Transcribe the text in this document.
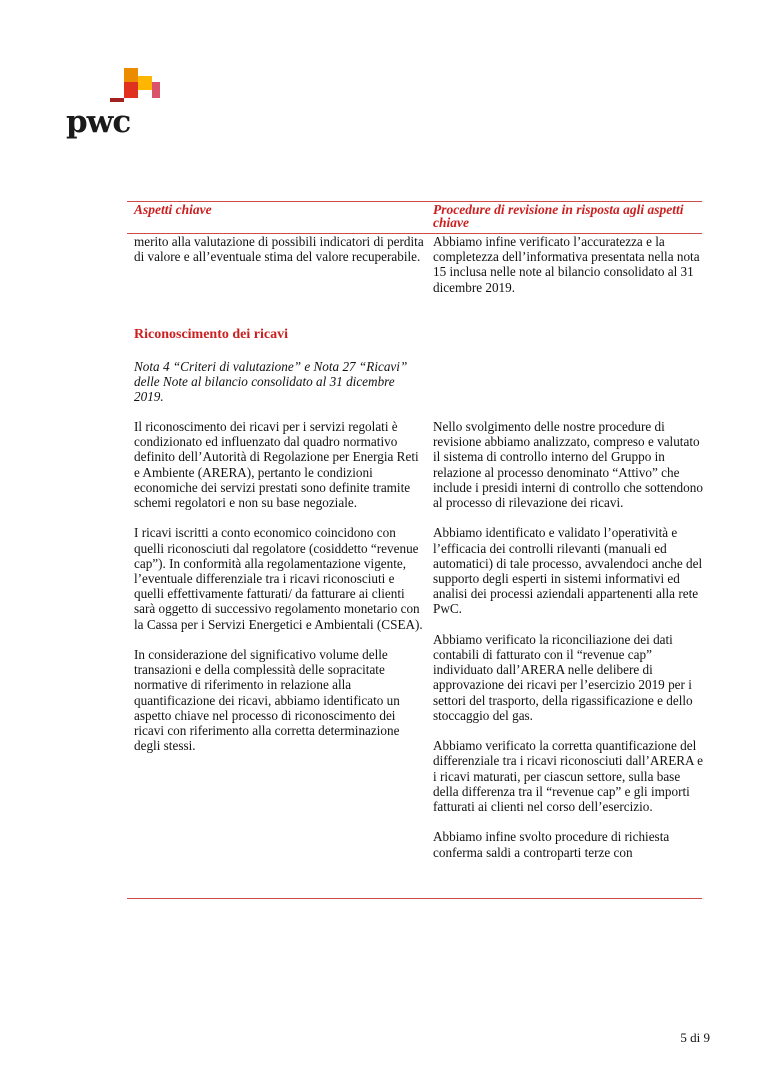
pwc
Aspetti chiave	Procedure di revisione in risposta agli aspetti chiave

merito alla valutazione di possibili indicatori di perdita di valore e all’eventuale stima del valore recuperabile.

Abbiamo infine verificato l’accuratezza e la completezza dell’informativa presentata nella nota 15 inclusa nelle note al bilancio consolidato al 31 dicembre 2019.

Riconoscimento dei ricavi
Nota 4 “Criteri di valutazione” e Nota 27 “Ricavi” delle Note al bilancio consolidato al 31 dicembre 2019.

Il riconoscimento dei ricavi per i servizi regolati è condizionato ed influenzato dal quadro normativo definito dell’Autorità di Regolazione per Energia Reti e Ambiente (ARERA), pertanto le condizioni economiche dei servizi prestati sono definite tramite schemi regolatori e non su base negoziale.

I ricavi iscritti a conto economico coincidono con quelli riconosciuti dal regolatore (cosiddetto “revenue cap”). In conformità alla regolamentazione vigente, l’eventuale differenziale tra i ricavi riconosciuti e quelli effettivamente fatturati/ da fatturare ai clienti sarà oggetto di successivo regolamento monetario con la Cassa per i Servizi Energetici e Ambientali (CSEA).

In considerazione del significativo volume delle transazioni e della complessità delle sopracitate normative di riferimento in relazione alla quantificazione dei ricavi, abbiamo identificato un aspetto chiave nel processo di riconoscimento dei ricavi con riferimento alla corretta determinazione degli stessi.

Nello svolgimento delle nostre procedure di revisione abbiamo analizzato, compreso e valutato il sistema di controllo interno del Gruppo in relazione al processo denominato “Attivo” che include i presidi interni di controllo che sottendono al processo di rilevazione dei ricavi.

Abbiamo identificato e validato l’operatività e l’efficacia dei controlli rilevanti (manuali ed automatici) di tale processo, avvalendoci anche del supporto degli esperti in sistemi informativi ed analisi dei processi aziendali appartenenti alla rete PwC.

Abbiamo verificato la riconciliazione dei dati contabili di fatturato con il “revenue cap” individuato dall’ARERA nelle delibere di approvazione dei ricavi per l’esercizio 2019 per i settori del trasporto, della rigassificazione e dello stoccaggio del gas.

Abbiamo verificato la corretta quantificazione del differenziale tra i ricavi riconosciuti dall’ARERA e i ricavi maturati, per ciascun settore, sulla base della differenza tra il “revenue cap” e gli importi fatturati ai clienti nel corso dell’esercizio.

Abbiamo infine svolto procedure di richiesta conferma saldi a controparti terze con

5 di 9
